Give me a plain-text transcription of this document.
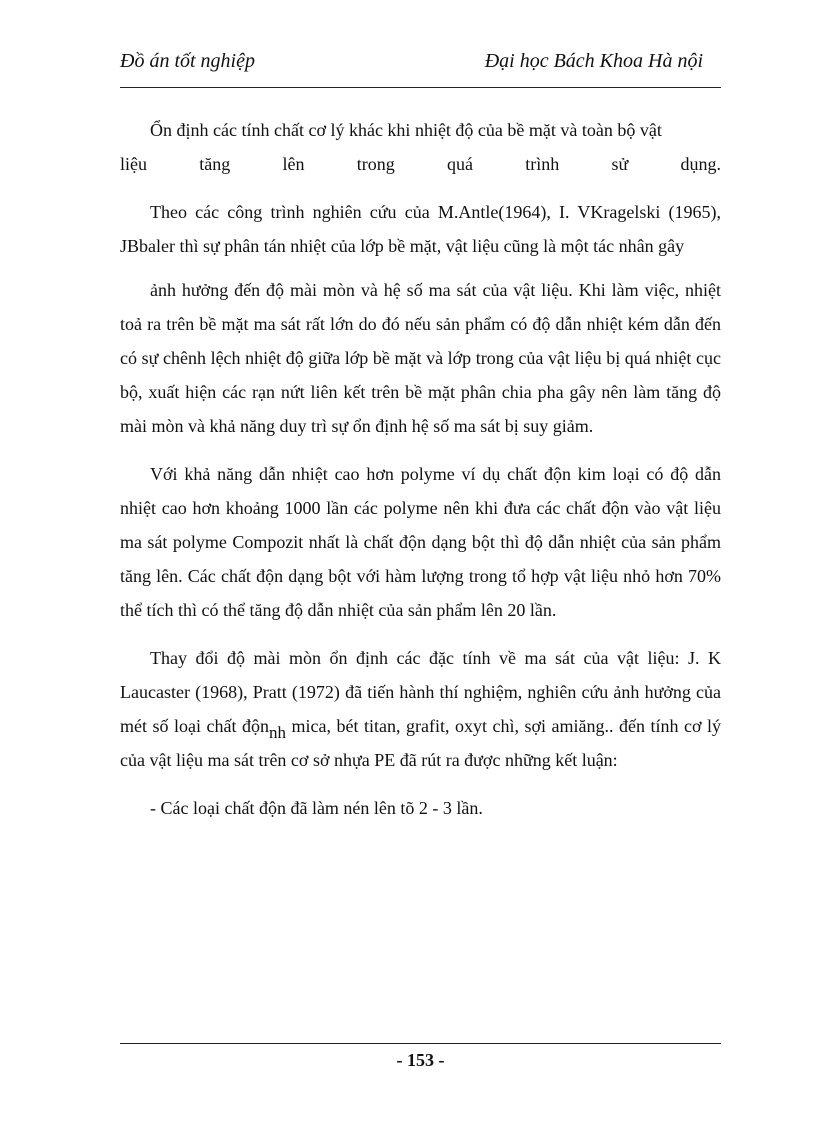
Đồ án tốt nghiệp	Đại học Bách Khoa Hà nội

Ổn định các tính chất cơ lý khác khi nhiệt độ của bề mặt và toàn bộ vật
liệu tăng lên trong quá trình sử dụng.

Theo các công trình nghiên cứu của M.Antle(1964), I. VKragelski (1965), JBbaler thì sự phân tán nhiệt của lớp bề mặt, vật liệu cũng là một tác nhân gây

ảnh hưởng đến độ mài mòn và hệ số ma sát của vật liệu. Khi làm việc, nhiệt toả ra trên bề mặt ma sát rất lớn do đó nếu sản phẩm có độ dẫn nhiệt kém dẫn đến có sự chênh lệch nhiệt độ giữa lớp bề mặt và lớp trong của vật liệu bị quá nhiệt cục bộ, xuất hiện các rạn nứt liên kết trên bề mặt phân chia pha gây nên làm tăng độ mài mòn và khả năng duy trì sự ổn định hệ số ma sát bị suy giảm.

Với khả năng dẫn nhiệt cao hơn polyme ví dụ chất độn kim loại có độ dẫn nhiệt cao hơn khoảng 1000 lần các polyme nên khi đưa các chất độn vào vật liệu ma sát polyme Compozit nhất là chất độn dạng bột thì độ dẫn nhiệt của sản phẩm tăng lên. Các chất độn dạng bột với hàm lượng trong tổ hợp vật liệu nhỏ hơn 70% thể tích thì có thể tăng độ dẫn nhiệt của sản phẩm lên 20 lần.

Thay đổi độ mài mòn ổn định các đặc tính về ma sát của vật liệu: J. K Laucaster (1968), Pratt (1972) đã tiến hành thí nghiệm, nghiên cứu ảnh hưởng của mét số loại chất độn$_{nh}$ mica, bét titan, grafit, oxyt chì, sợi amiăng.. đến tính cơ lý của vật liệu ma sát trên cơ sở nhựa PE đã rút ra được những kết luận:

- Các loại chất độn đã làm nén lên tõ 2 - 3 lần.

- 153 -
